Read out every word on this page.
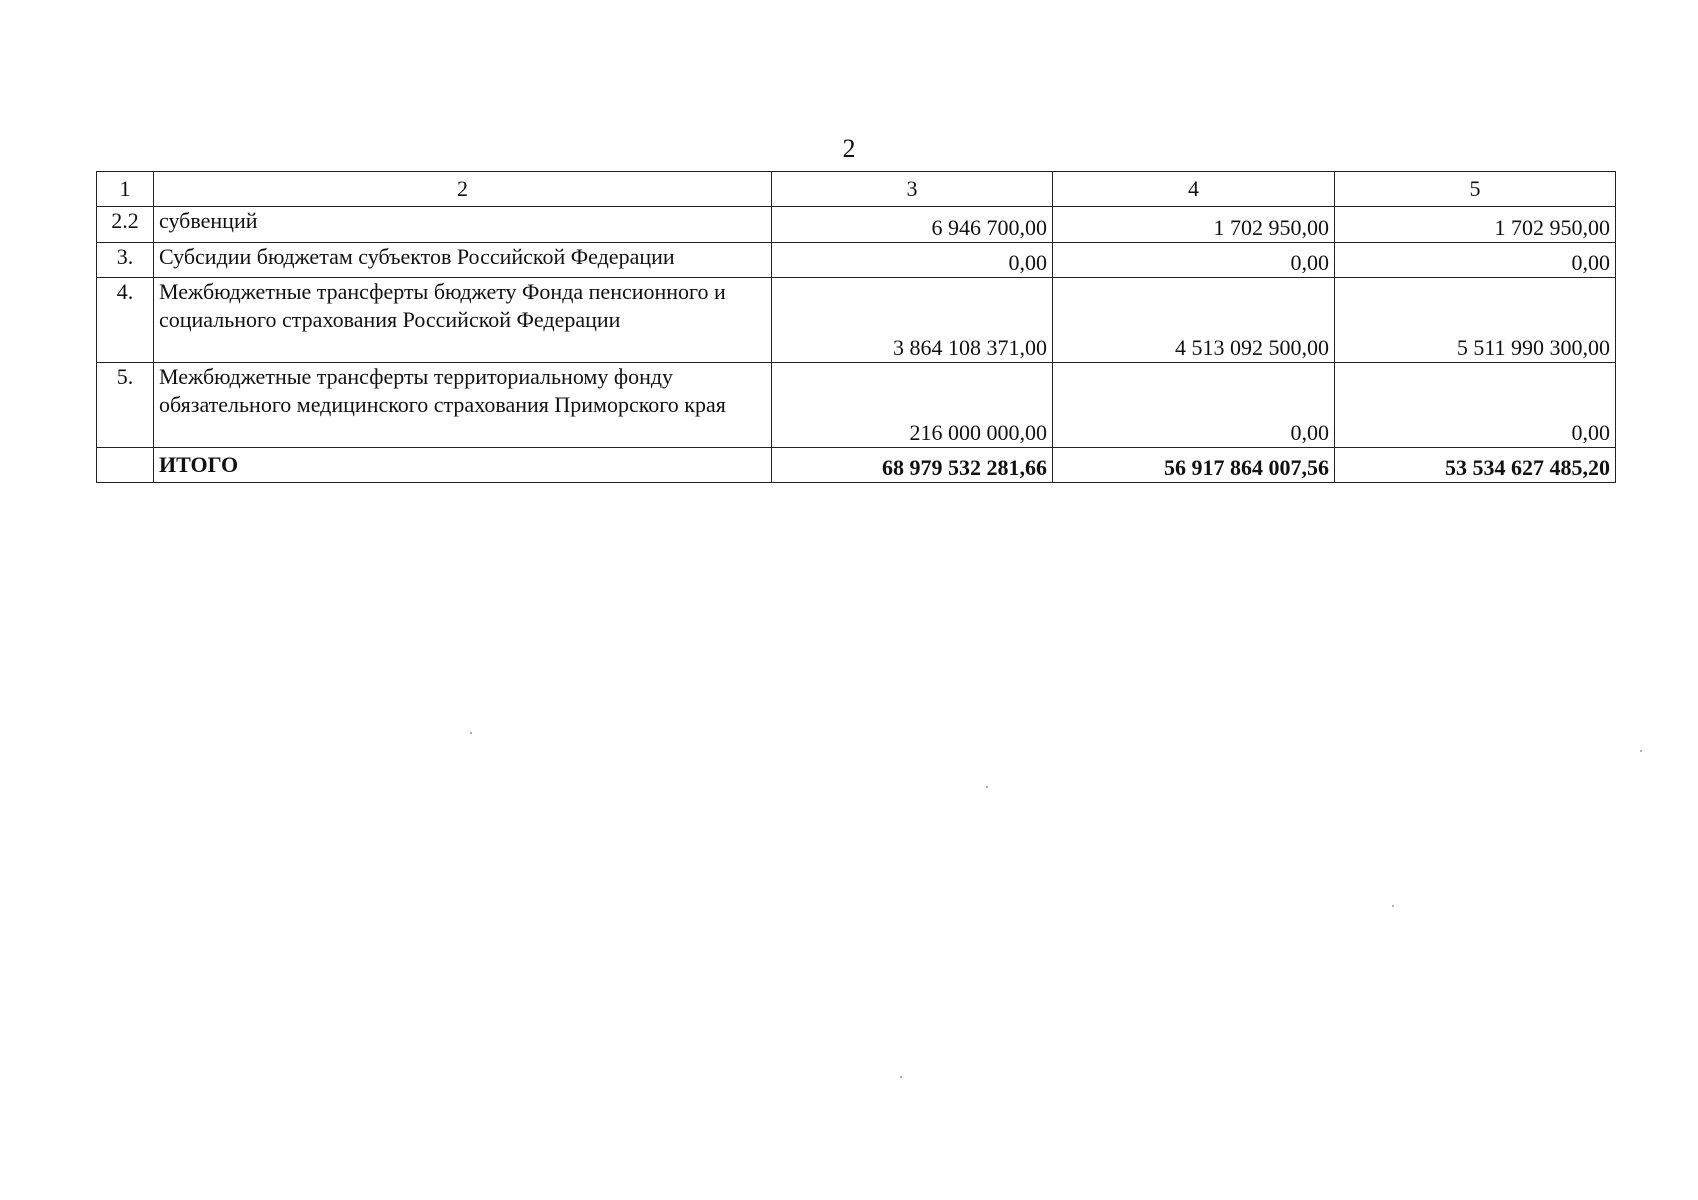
2
1	2	3	4	5
2.2	субвенций	6 946 700,00	1 702 950,00	1 702 950,00
3.	Субсидии бюджетам субъектов Российской Федерации	0,00	0,00	0,00
4.	Межбюджетные трансферты бюджету Фонда пенсионного и социального страхования Российской Федерации	3 864 108 371,00	4 513 092 500,00	5 511 990 300,00
5.	Межбюджетные трансферты территориальному фонду обязательного медицинского страхования Приморского края	216 000 000,00	0,00	0,00
	ИТОГО	68 979 532 281,66	56 917 864 007,56	53 534 627 485,20
